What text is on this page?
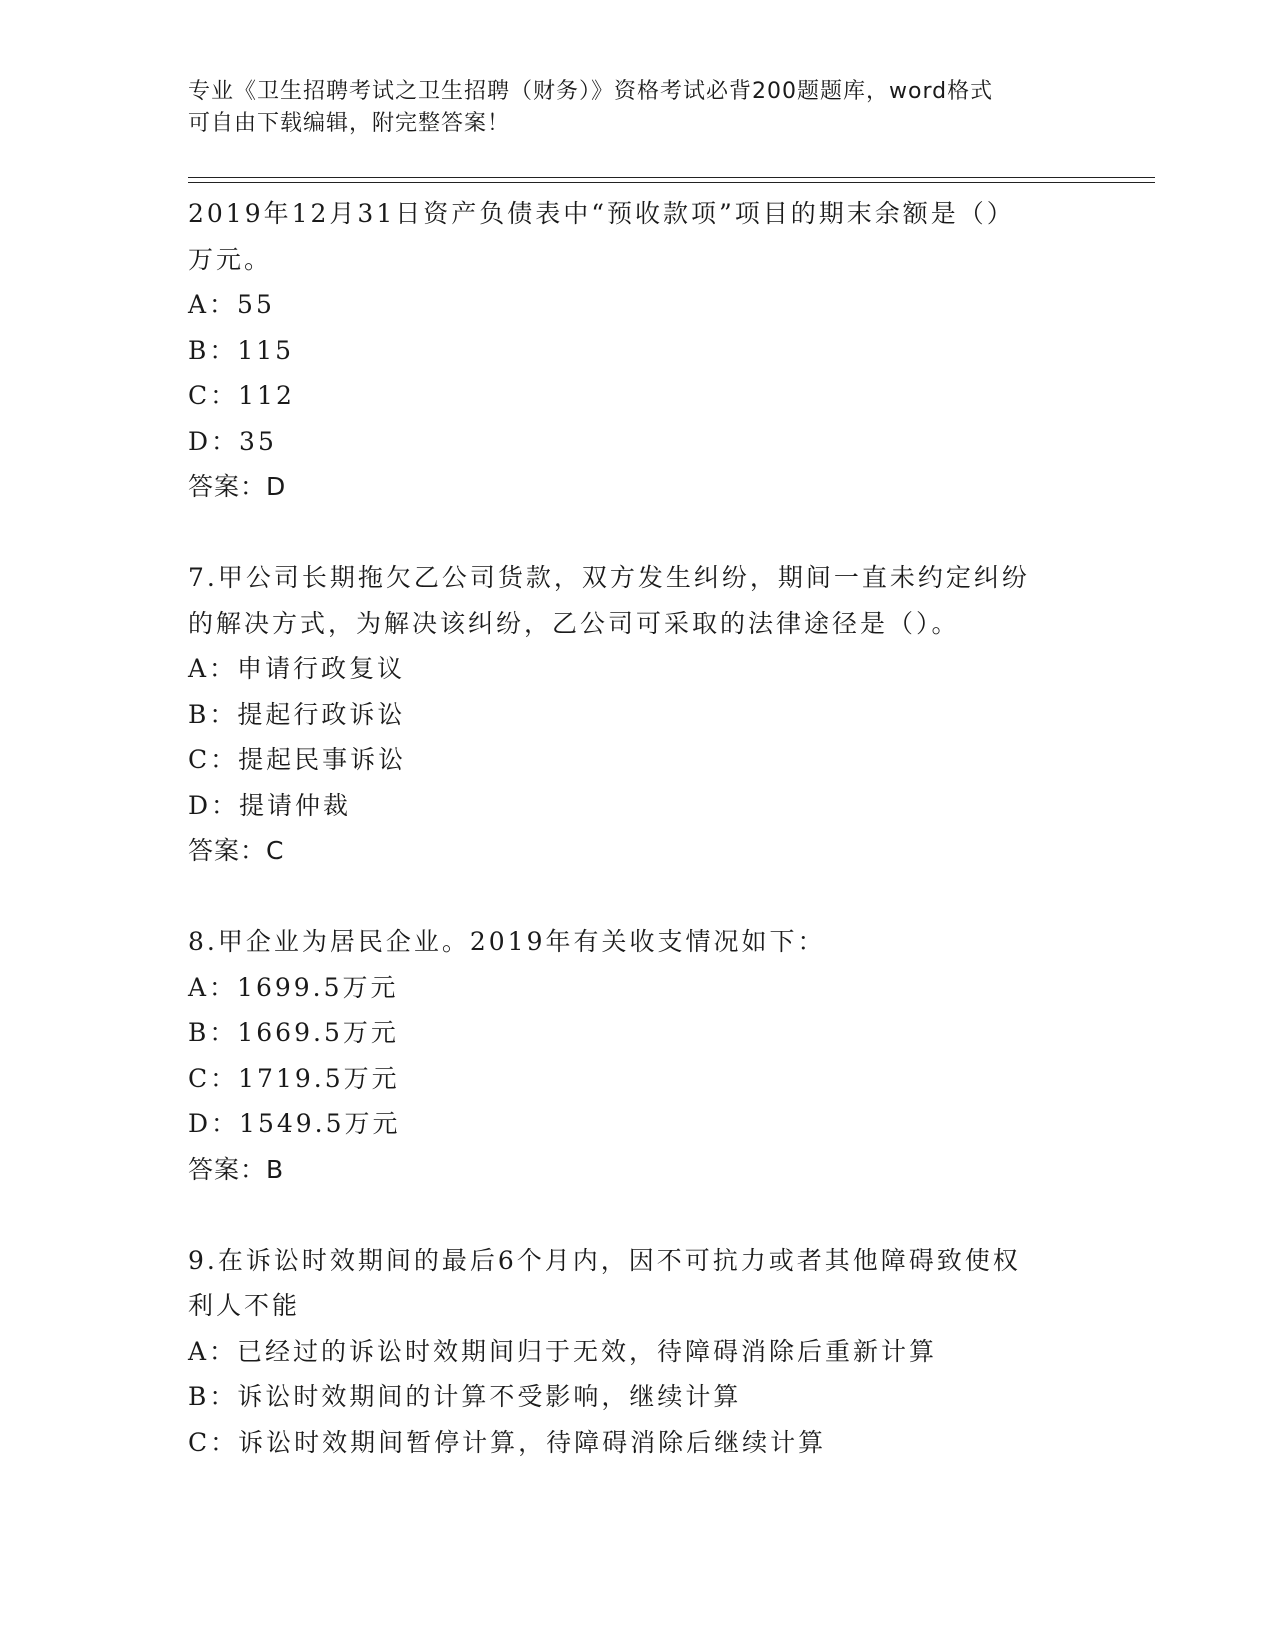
专业《卫生招聘考试之卫生招聘（财务）》资格考试必背200题题库，word格式
可自由下载编辑，附完整答案！
2019年12月31日资产负债表中“预收款项”项目的期末余额是（）
万元。
A：55
B：115
C：112
D：35
答案：D
7.甲公司长期拖欠乙公司货款，双方发生纠纷，期间一直未约定纠纷
的解决方式，为解决该纠纷，乙公司可采取的法律途径是（）。
A：申请行政复议
B：提起行政诉讼
C：提起民事诉讼
D：提请仲裁
答案：C
8.甲企业为居民企业。2019年有关收支情况如下：
A：1699.5万元
B：1669.5万元
C：1719.5万元
D：1549.5万元
答案：B
9.在诉讼时效期间的最后6个月内，因不可抗力或者其他障碍致使权
利人不能
A：已经过的诉讼时效期间归于无效，待障碍消除后重新计算
B：诉讼时效期间的计算不受影响，继续计算
C：诉讼时效期间暂停计算，待障碍消除后继续计算
